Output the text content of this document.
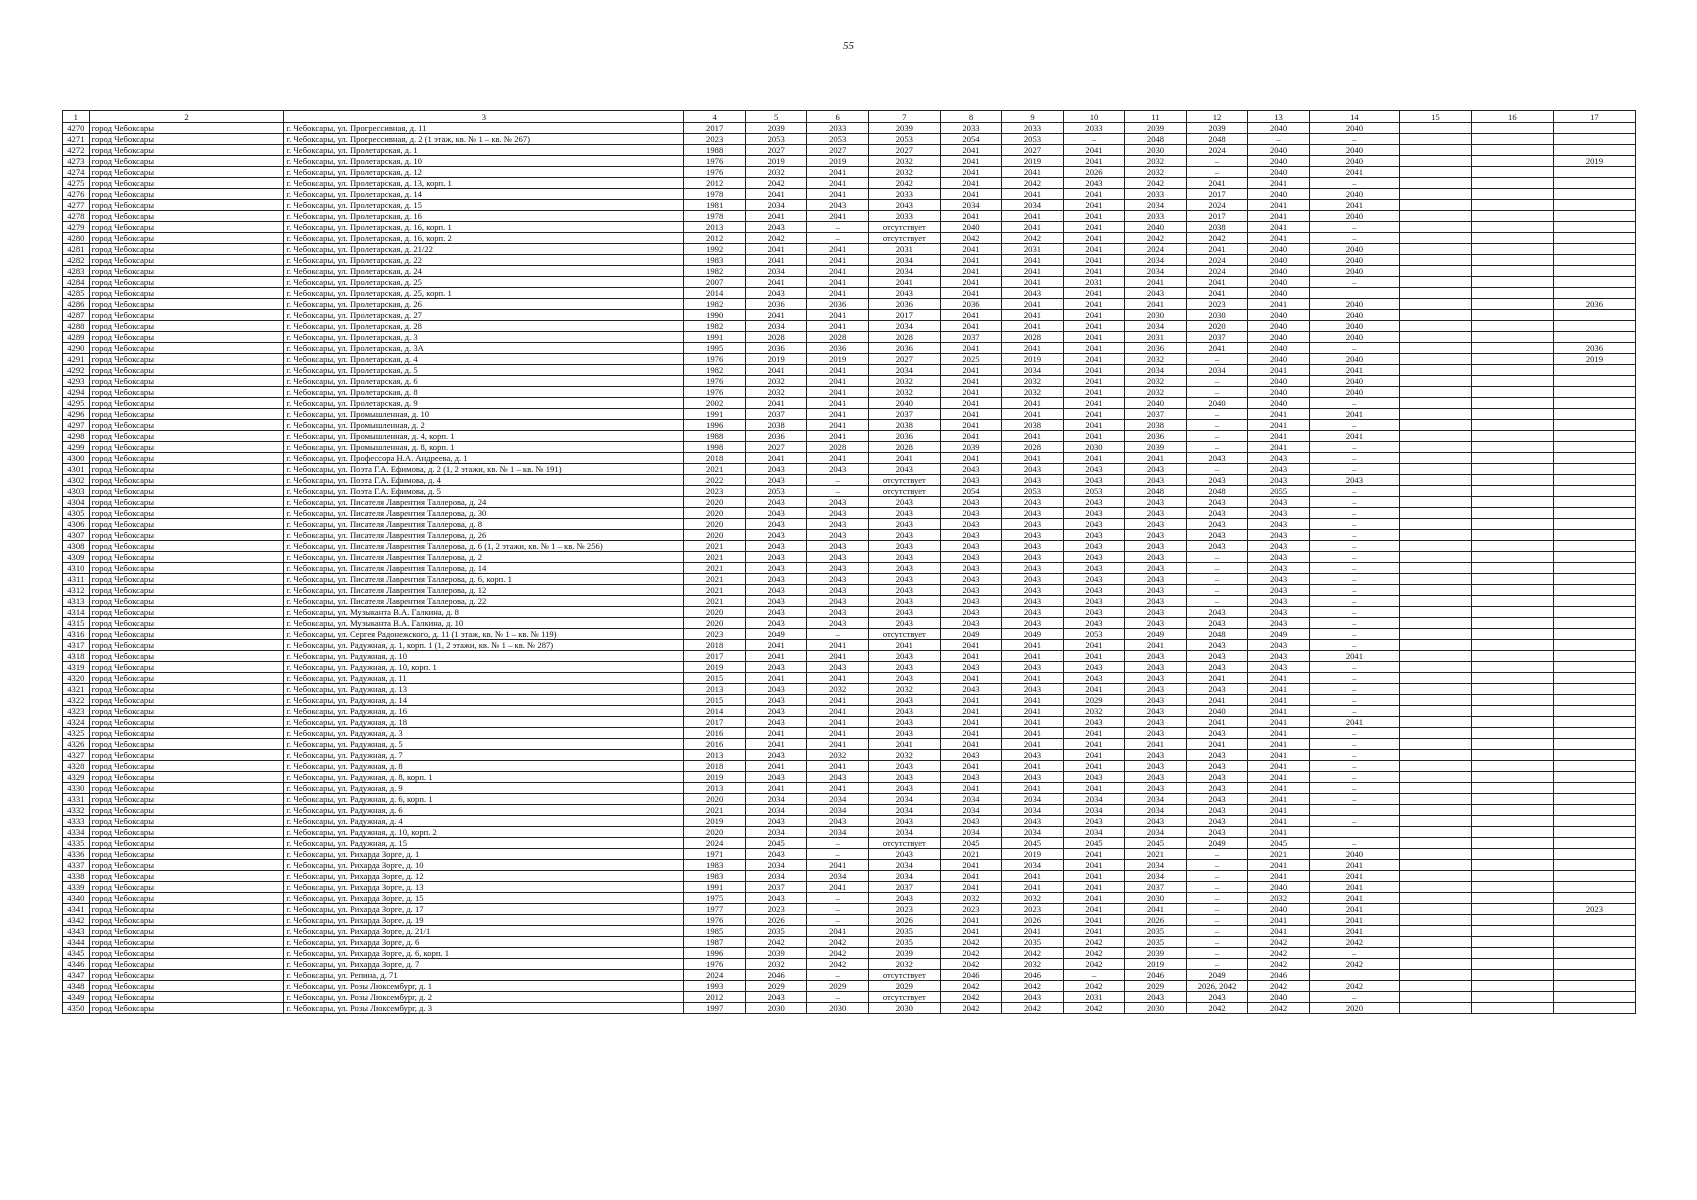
55
1	2	3	4	5	6	7	8	9	10	11	12	13	14	15	16	17
4270	город Чебоксары	г. Чебоксары, ул. Прогрессивная, д. 11	2017	2039	2033	2039	2033	2033	2033	2039	2039	2040	2040			
4271	город Чебоксары	г. Чебоксары, ул. Прогрессивная, д. 2 (1 этаж, кв. № 1 – кв. № 267)	2023	2053	2053	2053	2054	2053	–	2048	2048	–	–			
4272	город Чебоксары	г. Чебоксары, ул. Пролетарская, д. 1	1988	2027	2027	2027	2041	2027	2041	2030	2024	2040	2040			
4273	город Чебоксары	г. Чебоксары, ул. Пролетарская, д. 10	1976	2019	2019	2032	2041	2019	2041	2032	–	2040	2040			2019
4274	город Чебоксары	г. Чебоксары, ул. Пролетарская, д. 12	1976	2032	2041	2032	2041	2041	2026	2032	–	2040	2041			
4275	город Чебоксары	г. Чебоксары, ул. Пролетарская, д. 13, корп. 1	2012	2042	2041	2042	2041	2042	2043	2042	2041	2041	–			
4276	город Чебоксары	г. Чебоксары, ул. Пролетарская, д. 14	1978	2041	2041	2033	2041	2041	2041	2033	2017	2040	2040			
4277	город Чебоксары	г. Чебоксары, ул. Пролетарская, д. 15	1981	2034	2043	2043	2034	2034	2041	2034	2024	2041	2041			
4278	город Чебоксары	г. Чебоксары, ул. Пролетарская, д. 16	1978	2041	2041	2033	2041	2041	2041	2033	2017	2041	2040			
4279	город Чебоксары	г. Чебоксары, ул. Пролетарская, д. 16, корп. 1	2013	2043	–	отсутствует	2040	2041	2041	2040	2038	2041	–			
4280	город Чебоксары	г. Чебоксары, ул. Пролетарская, д. 16, корп. 2	2012	2042	–	отсутствует	2042	2042	2041	2042	2042	2041	–			
4281	город Чебоксары	г. Чебоксары, ул. Пролетарская, д. 21/22	1992	2041	2041	2031	2041	2031	2041	2024	2041	2040	2040			
4282	город Чебоксары	г. Чебоксары, ул. Пролетарская, д. 22	1983	2041	2041	2034	2041	2041	2041	2034	2024	2040	2040			
4283	город Чебоксары	г. Чебоксары, ул. Пролетарская, д. 24	1982	2034	2041	2034	2041	2041	2041	2034	2024	2040	2040			
4284	город Чебоксары	г. Чебоксары, ул. Пролетарская, д. 25	2007	2041	2041	2041	2041	2041	2031	2041	2041	2040	–			
4285	город Чебоксары	г. Чебоксары, ул. Пролетарская, д. 25, корп. 1	2014	2043	2041	2043	2041	2043	2041	2043	2041	2040				
4286	город Чебоксары	г. Чебоксары, ул. Пролетарская, д. 26	1982	2036	2036	2036	2036	2041	2041	2041	2023	2041	2040			2036
4287	город Чебоксары	г. Чебоксары, ул. Пролетарская, д. 27	1990	2041	2041	2017	2041	2041	2041	2030	2030	2040	2040			
4288	город Чебоксары	г. Чебоксары, ул. Пролетарская, д. 28	1982	2034	2041	2034	2041	2041	2041	2034	2020	2040	2040			
4289	город Чебоксары	г. Чебоксары, ул. Пролетарская, д. 3	1991	2028	2028	2028	2037	2028	2041	2031	2037	2040	2040			
4290	город Чебоксары	г. Чебоксары, ул. Пролетарская, д. 3А	1995	2036	2036	2036	2041	2041	2041	2036	2041	2040	–			2036
4291	город Чебоксары	г. Чебоксары, ул. Пролетарская, д. 4	1976	2019	2019	2027	2025	2019	2041	2032	–	2040	2040			2019
4292	город Чебоксары	г. Чебоксары, ул. Пролетарская, д. 5	1982	2041	2041	2034	2041	2034	2041	2034	2034	2041	2041			
4293	город Чебоксары	г. Чебоксары, ул. Пролетарская, д. 6	1976	2032	2041	2032	2041	2032	2041	2032	–	2040	2040			
4294	город Чебоксары	г. Чебоксары, ул. Пролетарская, д. 8	1976	2032	2041	2032	2041	2032	2041	2032	–	2040	2040			
4295	город Чебоксары	г. Чебоксары, ул. Пролетарская, д. 9	2002	2041	2041	2040	2041	2041	2041	2040	2040	2040	–			
4296	город Чебоксары	г. Чебоксары, ул. Промышленная, д. 10	1991	2037	2041	2037	2041	2041	2041	2037	–	2041	2041			
4297	город Чебоксары	г. Чебоксары, ул. Промышленная, д. 2	1996	2038	2041	2038	2041	2038	2041	2038	–	2041	–			
4298	город Чебоксары	г. Чебоксары, ул. Промышленная, д. 4, корп. 1	1988	2036	2041	2036	2041	2041	2041	2036	–	2041	2041			
4299	город Чебоксары	г. Чебоксары, ул. Промышленная, д. 8, корп. 1	1998	2027	2028	2028	2039	2028	2030	2039	–	2041	–			
4300	город Чебоксары	г. Чебоксары, ул. Профессора Н.А. Андреева, д. 1	2018	2041	2041	2041	2041	2041	2041	2041	2043	2043	–			
4301	город Чебоксары	г. Чебоксары, ул. Поэта Г.А. Ефимова, д. 2 (1, 2 этажи, кв. № 1 – кв. № 191)	2021	2043	2043	2043	2043	2043	2043	2043	–	2043	–			
4302	город Чебоксары	г. Чебоксары, ул. Поэта Г.А. Ефимова, д. 4	2022	2043	–	отсутствует	2043	2043	2043	2043	2043	2043	2043			
4303	город Чебоксары	г. Чебоксары, ул. Поэта Г.А. Ефимова, д. 5	2023	2053	–	отсутствует	2054	2053	2053	2048	2048	2055	–			
4304	город Чебоксары	г. Чебоксары, ул. Писателя Лаврентия Таллерова, д. 24	2020	2043	2043	2043	2043	2043	2043	2043	2043	2043	–			
4305	город Чебоксары	г. Чебоксары, ул. Писателя Лаврентия Таллерова, д. 30	2020	2043	2043	2043	2043	2043	2043	2043	2043	2043	–			
4306	город Чебоксары	г. Чебоксары, ул. Писателя Лаврентия Таллерова, д. 8	2020	2043	2043	2043	2043	2043	2043	2043	2043	2043	–			
4307	город Чебоксары	г. Чебоксары, ул. Писателя Лаврентия Таллерова, д. 26	2020	2043	2043	2043	2043	2043	2043	2043	2043	2043	–			
4308	город Чебоксары	г. Чебоксары, ул. Писателя Лаврентия Таллерова, д. 6 (1, 2 этажи, кв. № 1 – кв. № 256)	2021	2043	2043	2043	2043	2043	2043	2043	2043	2043	–			
4309	город Чебоксары	г. Чебоксары, ул. Писателя Лаврентия Таллерова, д. 2	2021	2043	2043	2043	2043	2043	2043	2043	–	2043	–			
4310	город Чебоксары	г. Чебоксары, ул. Писателя Лаврентия Таллерова, д. 14	2021	2043	2043	2043	2043	2043	2043	2043	–	2043	–			
4311	город Чебоксары	г. Чебоксары, ул. Писателя Лаврентия Таллерова, д. 6, корп. 1	2021	2043	2043	2043	2043	2043	2043	2043	–	2043	–			
4312	город Чебоксары	г. Чебоксары, ул. Писателя Лаврентия Таллерова, д. 12	2021	2043	2043	2043	2043	2043	2043	2043	–	2043	–			
4313	город Чебоксары	г. Чебоксары, ул. Писателя Лаврентия Таллерова, д. 22	2021	2043	2043	2043	2043	2043	2043	2043	–	2043	–			
4314	город Чебоксары	г. Чебоксары, ул. Музыканта В.А. Галкина, д. 8	2020	2043	2043	2043	2043	2043	2043	2043	2043	2043	–			
4315	город Чебоксары	г. Чебоксары, ул. Музыканта В.А. Галкина, д. 10	2020	2043	2043	2043	2043	2043	2043	2043	2043	2043	–			
4316	город Чебоксары	г. Чебоксары, ул. Сергея Радонежского, д. 11 (1 этаж, кв. № 1 – кв. № 119)	2023	2049	–	отсутствует	2049	2049	2053	2049	2048	2049	–			
4317	город Чебоксары	г. Чебоксары, ул. Радужная, д. 1, корп. 1 (1, 2 этажи, кв. № 1 – кв. № 287)	2018	2041	2041	2041	2041	2041	2041	2041	2043	2043	–			
4318	город Чебоксары	г. Чебоксары, ул. Радужная, д. 10	2017	2041	2041	2043	2041	2041	2041	2043	2043	2043	2041			
4319	город Чебоксары	г. Чебоксары, ул. Радужная, д. 10, корп. 1	2019	2043	2043	2043	2043	2043	2043	2043	2043	2043	–			
4320	город Чебоксары	г. Чебоксары, ул. Радужная, д. 11	2015	2041	2041	2043	2041	2041	2043	2043	2041	2041	–			
4321	город Чебоксары	г. Чебоксары, ул. Радужная, д. 13	2013	2043	2032	2032	2043	2043	2041	2043	2043	2041	–			
4322	город Чебоксары	г. Чебоксары, ул. Радужная, д. 14	2015	2043	2041	2043	2041	2041	2029	2043	2041	2041	–			
4323	город Чебоксары	г. Чебоксары, ул. Радужная, д. 16	2014	2043	2041	2043	2041	2041	2032	2043	2040	2041	–			
4324	город Чебоксары	г. Чебоксары, ул. Радужная, д. 18	2017	2043	2041	2043	2041	2041	2043	2043	2041	2041	2041			
4325	город Чебоксары	г. Чебоксары, ул. Радужная, д. 3	2016	2041	2041	2043	2041	2041	2041	2043	2043	2041	–			
4326	город Чебоксары	г. Чебоксары, ул. Радужная, д. 5	2016	2041	2041	2041	2041	2041	2041	2041	2041	2041	–			
4327	город Чебоксары	г. Чебоксары, ул. Радужная, д. 7	2013	2043	2032	2032	2043	2043	2041	2043	2043	2041	–			
4328	город Чебоксары	г. Чебоксары, ул. Радужная, д. 8	2018	2041	2041	2043	2041	2041	2041	2043	2043	2041	–			
4329	город Чебоксары	г. Чебоксары, ул. Радужная, д. 8, корп. 1	2019	2043	2043	2043	2043	2043	2043	2043	2043	2041	–			
4330	город Чебоксары	г. Чебоксары, ул. Радужная, д. 9	2013	2041	2041	2043	2041	2041	2041	2043	2043	2041	–			
4331	город Чебоксары	г. Чебоксары, ул. Радужная, д. 6, корп. 1	2020	2034	2034	2034	2034	2034	2034	2034	2043	2041	–			
4332	город Чебоксары	г. Чебоксары, ул. Радужная, д. 6	2021	2034	2034	2034	2034	2034	2034	2034	2043	2041				
4333	город Чебоксары	г. Чебоксары, ул. Радужная, д. 4	2019	2043	2043	2043	2043	2043	2043	2043	2043	2041	–			
4334	город Чебоксары	г. Чебоксары, ул. Радужная, д. 10, корп. 2	2020	2034	2034	2034	2034	2034	2034	2034	2043	2041				
4335	город Чебоксары	г. Чебоксары, ул. Радужная, д. 15	2024	2045	–	отсутствует	2045	2045	2045	2045	2049	2045	–			
4336	город Чебоксары	г. Чебоксары, ул. Рихарда Зорге, д. 1	1971	2043	–	2043	2021	2019	2041	2021	–	2021	2040			
4337	город Чебоксары	г. Чебоксары, ул. Рихарда Зорге, д. 10	1983	2034	2041	2034	2041	2034	2041	2034	–	2041	2041			
4338	город Чебоксары	г. Чебоксары, ул. Рихарда Зорге, д. 12	1983	2034	2034	2034	2041	2041	2041	2034	–	2041	2041			
4339	город Чебоксары	г. Чебоксары, ул. Рихарда Зорге, д. 13	1991	2037	2041	2037	2041	2041	2041	2037	–	2040	2041			
4340	город Чебоксары	г. Чебоксары, ул. Рихарда Зорге, д. 15	1975	2043	–	2043	2032	2032	2041	2030	–	2032	2041			
4341	город Чебоксары	г. Чебоксары, ул. Рихарда Зорге, д. 17	1977	2023	–	2023	2023	2023	2041	2041	–	2040	2041			2023
4342	город Чебоксары	г. Чебоксары, ул. Рихарда Зорге, д. 19	1976	2026	–	2026	2041	2026	2041	2026	–	2041	2041			
4343	город Чебоксары	г. Чебоксары, ул. Рихарда Зорге, д. 21/1	1985	2035	2041	2035	2041	2041	2041	2035	–	2041	2041			
4344	город Чебоксары	г. Чебоксары, ул. Рихарда Зорге, д. 6	1987	2042	2042	2035	2042	2035	2042	2035	–	2042	2042			
4345	город Чебоксары	г. Чебоксары, ул. Рихарда Зорге, д. 6, корп. 1	1996	2039	2042	2039	2042	2042	2042	2039	–	2042	–			
4346	город Чебоксары	г. Чебоксары, ул. Рихарда Зорге, д. 7	1976	2032	2042	2032	2042	2032	2042	2019	–	2042	2042			
4347	город Чебоксары	г. Чебоксары, ул. Репина, д. 71	2024	2046	–	отсутствует	2046	2046	–	2046	2049	2046				
4348	город Чебоксары	г. Чебоксары, ул. Розы Люксембург, д. 1	1993	2029	2029	2029	2042	2042	2042	2029	2026, 2042	2042	2042			
4349	город Чебоксары	г. Чебоксары, ул. Розы Люксембург, д. 2	2012	2043	–	отсутствует	2042	2043	2031	2043	2043	2040	–			
4350	город Чебоксары	г. Чебоксары, ул. Розы Люксембург, д. 3	1997	2030	2030	2030	2042	2042	2042	2030	2042	2042	2020			
